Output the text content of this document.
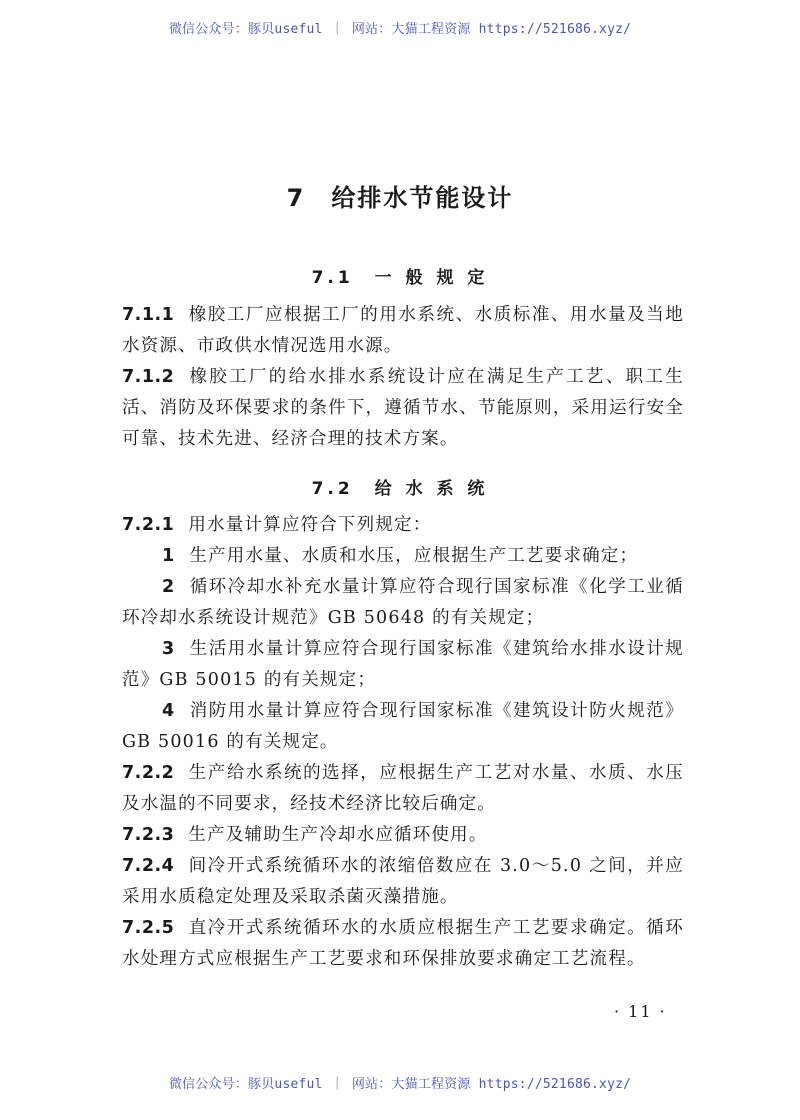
微信公众号：豚贝useful ｜ 网站：大猫工程资源 https://521686.xyz/
7　给排水节能设计
7.1　一 般 规 定
7.1.1 橡胶工厂应根据工厂的用水系统、水质标准、用水量及当地水资源、市政供水情况选用水源。
7.1.2 橡胶工厂的给水排水系统设计应在满足生产工艺、职工生活、消防及环保要求的条件下，遵循节水、节能原则，采用运行安全可靠、技术先进、经济合理的技术方案。
7.2　给 水 系 统
7.2.1 用水量计算应符合下列规定：
1 生产用水量、水质和水压，应根据生产工艺要求确定；
2 循环冷却水补充水量计算应符合现行国家标准《化学工业循环冷却水系统设计规范》GB 50648 的有关规定；
3 生活用水量计算应符合现行国家标准《建筑给水排水设计规范》GB 50015 的有关规定；
4 消防用水量计算应符合现行国家标准《建筑设计防火规范》GB 50016 的有关规定。
7.2.2 生产给水系统的选择，应根据生产工艺对水量、水质、水压及水温的不同要求，经技术经济比较后确定。
7.2.3 生产及辅助生产冷却水应循环使用。
7.2.4 间冷开式系统循环水的浓缩倍数应在 3.0～5.0 之间，并应采用水质稳定处理及采取杀菌灭藻措施。
7.2.5 直冷开式系统循环水的水质应根据生产工艺要求确定。循环水处理方式应根据生产工艺要求和环保排放要求确定工艺流程。
· 11 ·
微信公众号：豚贝useful ｜ 网站：大猫工程资源 https://521686.xyz/
